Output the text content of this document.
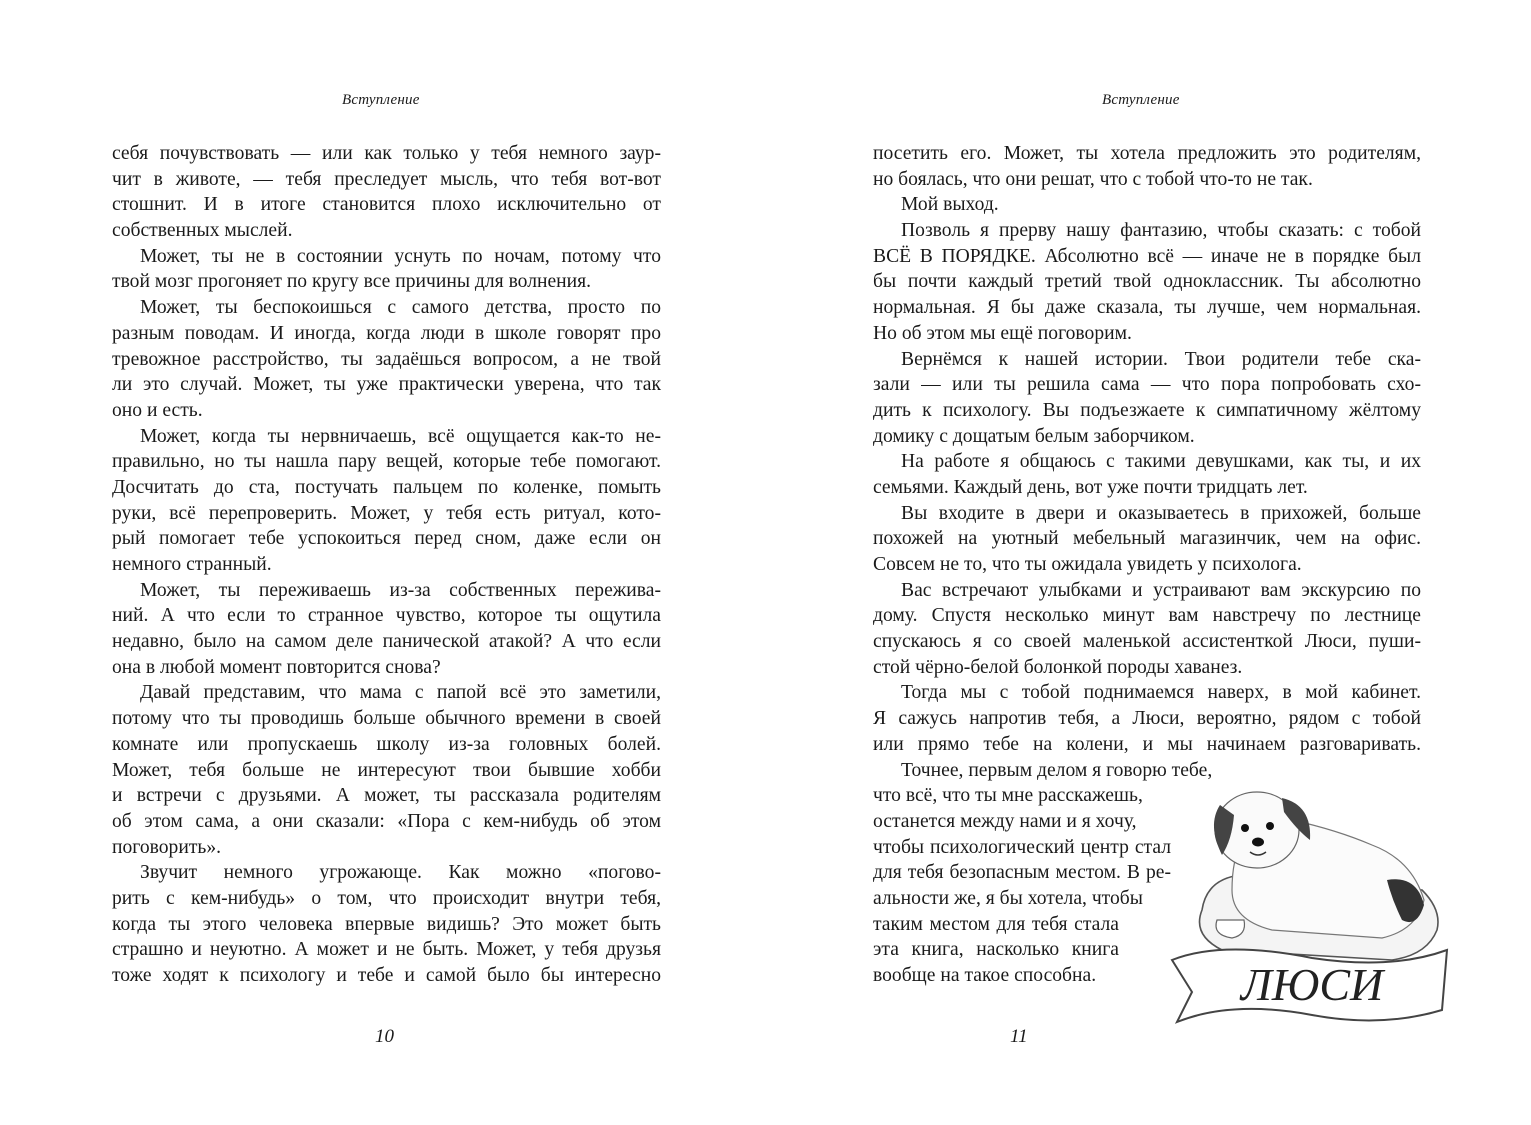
Вступление
себя почувствовать — или как только у тебя немного заур-
чит в животе, — тебя преследует мысль, что тебя вот-вот
стошнит. И в итоге становится плохо исключительно от
собственных мыслей.
Может, ты не в состоянии уснуть по ночам, потому что
твой мозг прогоняет по кругу все причины для волнения.
Может, ты беспокоишься с самого детства, просто по
разным поводам. И иногда, когда люди в школе говорят про
тревожное расстройство, ты задаёшься вопросом, а не твой
ли это случай. Может, ты уже практически уверена, что так
оно и есть.
Может, когда ты нервничаешь, всё ощущается как-то не-
правильно, но ты нашла пару вещей, которые тебе помогают.
Досчитать до ста, постучать пальцем по коленке, помыть
руки, всё перепроверить. Может, у тебя есть ритуал, кото-
рый помогает тебе успокоиться перед сном, даже если он
немного странный.
Может, ты переживаешь из-за собственных пережива-
ний. А что если то странное чувство, которое ты ощутила
недавно, было на самом деле панической атакой? А что если
она в любой момент повторится снова?
Давай представим, что мама с папой всё это заметили,
потому что ты проводишь больше обычного времени в своей
комнате или пропускаешь школу из-за головных болей.
Может, тебя больше не интересуют твои бывшие хобби
и встречи с друзьями. А может, ты рассказала родителям
об этом сама, а они сказали: «Пора с кем-нибудь об этом
поговорить».
Звучит немного угрожающе. Как можно «погово-
рить с кем-нибудь» о том, что происходит внутри тебя,
когда ты этого человека впервые видишь? Это может быть
страшно и неуютно. А может и не быть. Может, у тебя друзья
тоже ходят к психологу и тебе и самой было бы интересно
10
Вступление
посетить его. Может, ты хотела предложить это родителям,
но боялась, что они решат, что с тобой что-то не так.
Мой выход.
Позволь я прерву нашу фантазию, чтобы сказать: с тобой
ВСЁ В ПОРЯДКЕ. Абсолютно всё — иначе не в порядке был
бы почти каждый третий твой одноклассник. Ты абсолютно
нормальная. Я бы даже сказала, ты лучше, чем нормальная.
Но об этом мы ещё поговорим.
Вернёмся к нашей истории. Твои родители тебе ска-
зали — или ты решила сама — что пора попробовать схо-
дить к психологу. Вы подъезжаете к симпатичному жёлтому
домику с дощатым белым заборчиком.
На работе я общаюсь с такими девушками, как ты, и их
семьями. Каждый день, вот уже почти тридцать лет.
Вы входите в двери и оказываетесь в прихожей, больше
похожей на уютный мебельный магазинчик, чем на офис.
Совсем не то, что ты ожидала увидеть у психолога.
Вас встречают улыбками и устраивают вам экскурсию по
дому. Спустя несколько минут вам навстречу по лестнице
спускаюсь я со своей маленькой ассистенткой Люси, пуши-
стой чёрно-белой болонкой породы хаванез.
Тогда мы с тобой поднимаемся наверх, в мой кабинет.
Я сажусь напротив тебя, а Люси, вероятно, рядом с тобой
или прямо тебе на колени, и мы начинаем разговаривать.
Точнее, первым делом я говорю тебе,
что всё, что ты мне расскажешь,
останется между нами и я хочу,
чтобы психологический центр стал
для тебя безопасным местом. В ре-
альности же, я бы хотела, чтобы
таким местом для тебя стала
эта книга, насколько книга
вообще на такое способна.
11
ЛЮСИ
